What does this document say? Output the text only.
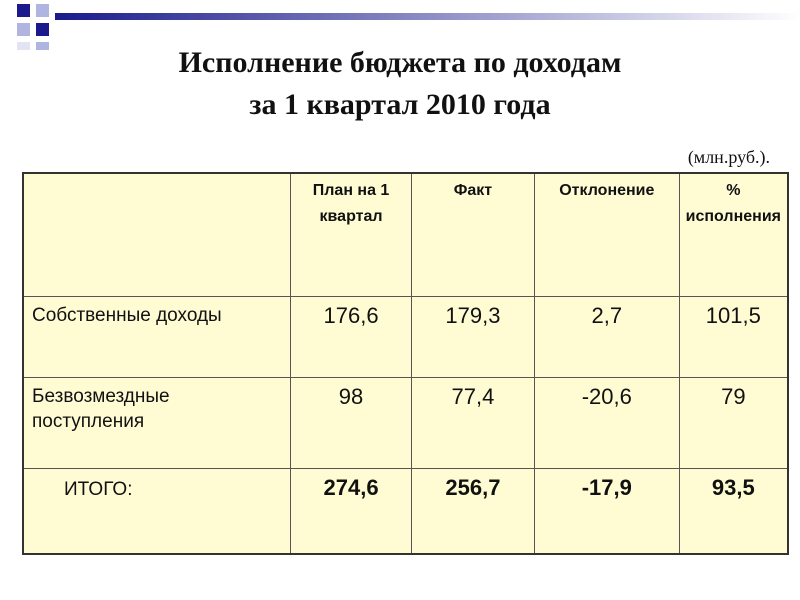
Исполнение бюджета по доходам
за 1 квартал 2010 года
(млн.руб.).
	План на 1 квартал	Факт	Отклонение	% исполнения
Собственные доходы	176,6	179,3	2,7	101,5
Безвозмездные поступления	98	77,4	-20,6	79
ИТОГО:	274,6	256,7	-17,9	93,5
